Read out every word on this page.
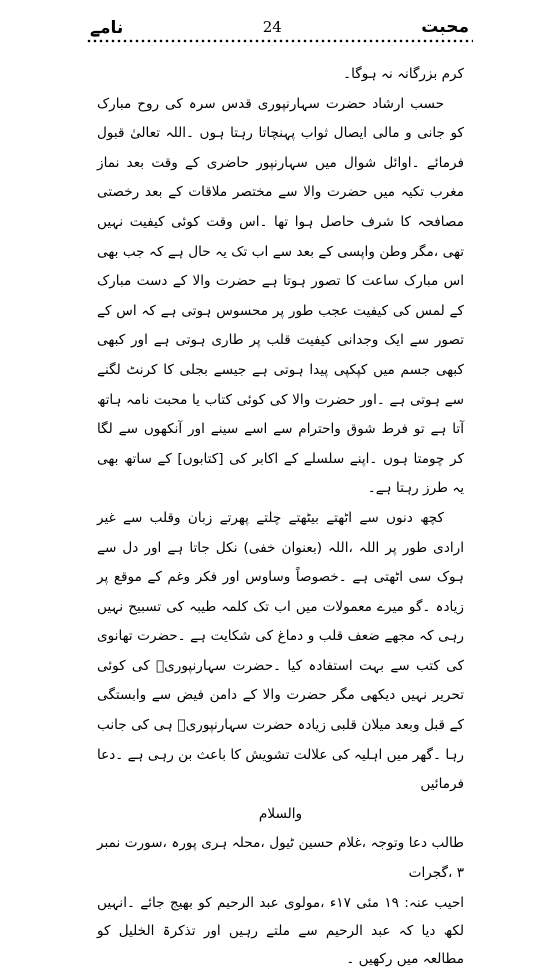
نامے	24	محبت

کرم بزرگانہ نہ ہوگا۔

حسب ارشاد حضرت سہارنپوری قدس سرہ کی روح مبارک کو جانی و مالی ایصال ثواب پہنچاتا رہتا ہوں ۔اللہ تعالیٰ قبول فرمائے ۔اوائل شوال میں سہارنپور حاضری کے وقت بعد نماز مغرب تکیہ میں حضرت والا سے مختصر ملاقات کے بعد رخصتی مصافحہ کا شرف حاصل ہوا تھا ۔اس وقت کوئی کیفیت نہیں تھی ،مگر وطن واپسی کے بعد سے اب تک یہ حال ہے کہ جب بھی اس مبارک ساعت کا تصور ہوتا ہے حضرت والا کے دست مبارک کے لمس کی کیفیت عجب طور پر محسوس ہوتی ہے کہ اس کے تصور سے ایک وجدانی کیفیت قلب پر طاری ہوتی ہے اور کبھی کبھی جسم میں کپکپی پیدا ہوتی ہے جیسے بجلی کا کرنٹ لگنے سے ہوتی ہے ۔اور حضرت والا کی کوئی کتاب یا محبت نامہ ہاتھ آتا ہے تو فرط شوق واحترام سے اسے سینے اور آنکھوں سے لگا کر چومتا ہوں ۔اپنے سلسلے کے اکابر کی [کتابوں] کے ساتھ بھی یہ طرز رہتا ہے۔

کچھ دنوں سے اٹھتے بیٹھتے چلتے پھرتے زبان وقلب سے غیر ارادی طور پر اللہ ،اللہ (بعنوان خفی) نکل جاتا ہے اور دل سے ہوک سی اٹھتی ہے ۔خصوصاً وساوس اور فکر وغم کے موقع پر زیادہ ۔گو میرے معمولات میں اب تک کلمہ طیبہ کی تسبیح نہیں رہی کہ مجھے ضعف قلب و دماغ کی شکایت ہے ۔حضرت تھانوی کی کتب سے بہت استفادہ کیا ۔حضرت سہارنپوریؒ کی کوئی تحریر نہیں دیکھی مگر حضرت والا کے دامن فیض سے وابستگی کے قبل وبعد میلان قلبی زیادہ حضرت سہارنپوریؒ ہی کی جانب رہا ۔گھر میں اہلیہ کی علالت تشویش کا باعث بن رہی ہے ۔دعا فرمائیں

والسلام

طالب دعا وتوجہ ،غلام حسین ٹیول ،محلہ ہری پورہ ،سورت نمبر ۳ ،گجرات

احیب عنہ: ۱۹ مئی ۱۷ء ،مولوی عبد الرحیم کو بھیج جائے ۔انہیں لکھ دیا کہ عبد الرحیم سے ملتے رہیں اور تذکرۃ الخلیل کو مطالعہ میں رکھیں ۔
